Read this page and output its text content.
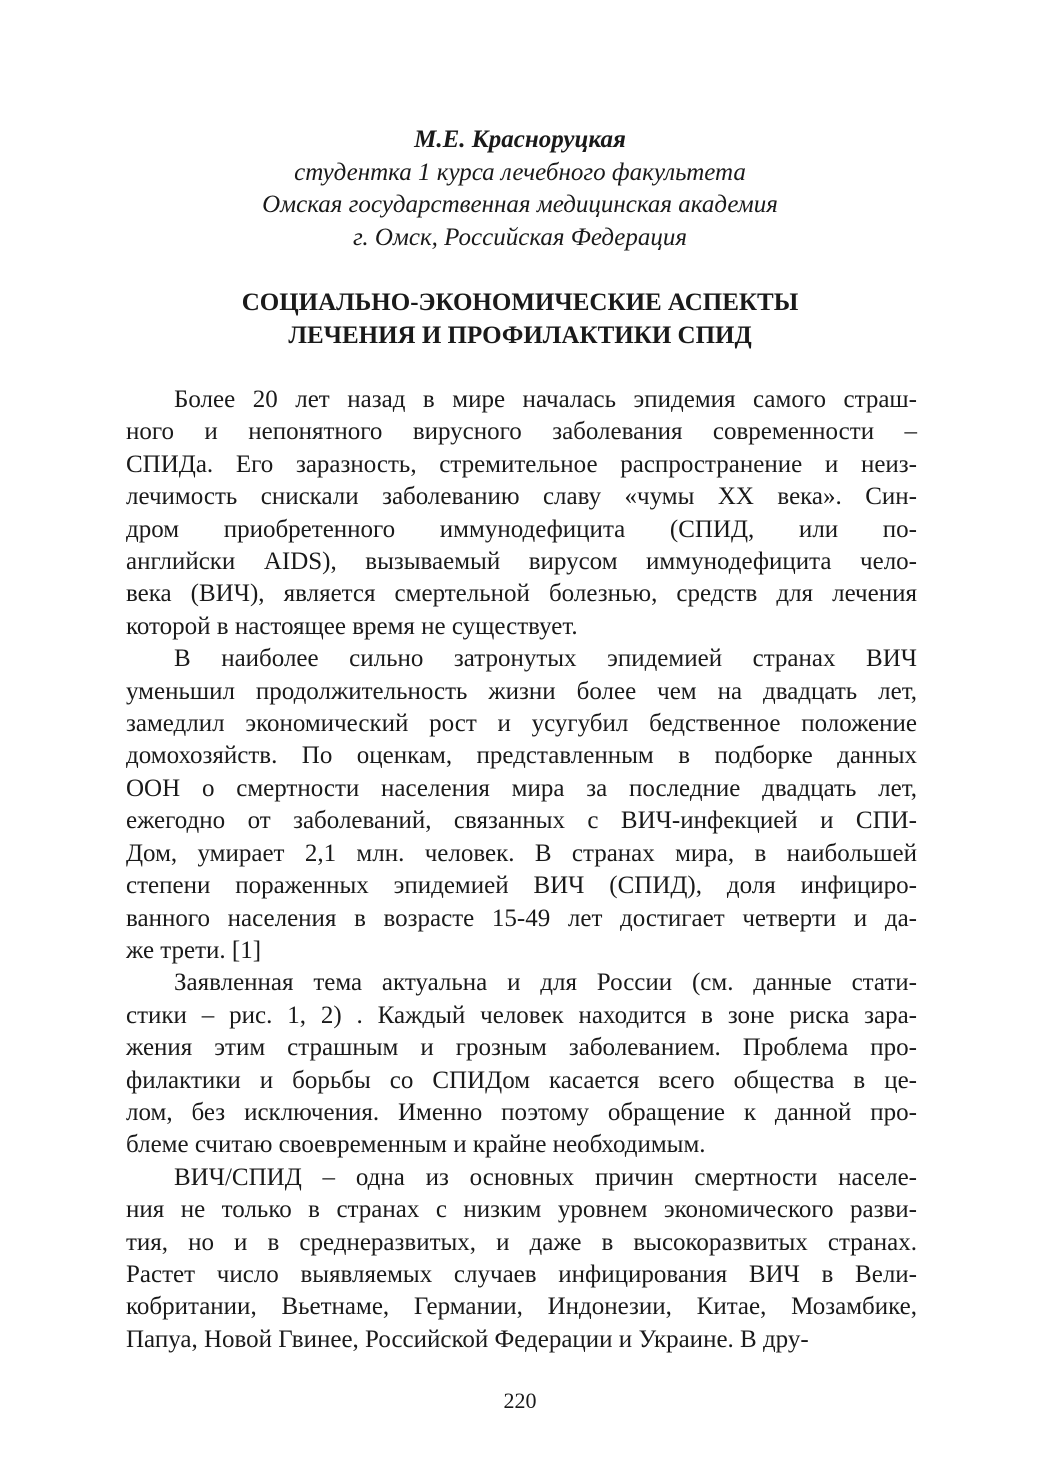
М.Е. Красноруцкая
студентка 1 курса лечебного факультета
Омская государственная медицинская академия
г. Омск, Российская Федерация
СОЦИАЛЬНО-ЭКОНОМИЧЕСКИЕ АСПЕКТЫ
ЛЕЧЕНИЯ И ПРОФИЛАКТИКИ СПИД
Более 20 лет назад в мире началась эпидемия самого страш-
ного и непонятного вирусного заболевания современности –
СПИДа. Его заразность, стремительное распространение и неиз-
лечимость снискали заболеванию славу «чумы XX века». Син-
дром приобретенного иммунодефицита (СПИД, или по-
английски AIDS), вызываемый вирусом иммунодефицита чело-
века (ВИЧ), является смертельной болезнью, средств для лечения
которой в настоящее время не существует.
В наиболее сильно затронутых эпидемией странах ВИЧ
уменьшил продолжительность жизни более чем на двадцать лет,
замедлил экономический рост и усугубил бедственное положение
домохозяйств. По оценкам, представленным в подборке данных
ООН о смертности населения мира за последние двадцать лет,
ежегодно от заболеваний, связанных с ВИЧ-инфекцией и СПИ-
Дом, умирает 2,1 млн. человек. В странах мира, в наибольшей
степени пораженных эпидемией ВИЧ (СПИД), доля инфициро-
ванного населения в возрасте 15-49 лет достигает четверти и да-
же трети. [1]
Заявленная тема актуальна и для России (см. данные стати-
стики – рис. 1, 2) . Каждый человек находится в зоне риска зара-
жения этим страшным и грозным заболеванием. Проблема про-
филактики и борьбы со СПИДом касается всего общества в це-
лом, без исключения. Именно поэтому обращение к данной про-
блеме считаю своевременным и крайне необходимым.
ВИЧ/СПИД – одна из основных причин смертности населе-
ния не только в странах с низким уровнем экономического разви-
тия, но и в среднеразвитых, и даже в высокоразвитых странах.
Растет число выявляемых случаев инфицирования ВИЧ в Вели-
кобритании, Вьетнаме, Германии, Индонезии, Китае, Мозамбике,
Папуа, Новой Гвинее, Российской Федерации и Украине. В дру-
220
